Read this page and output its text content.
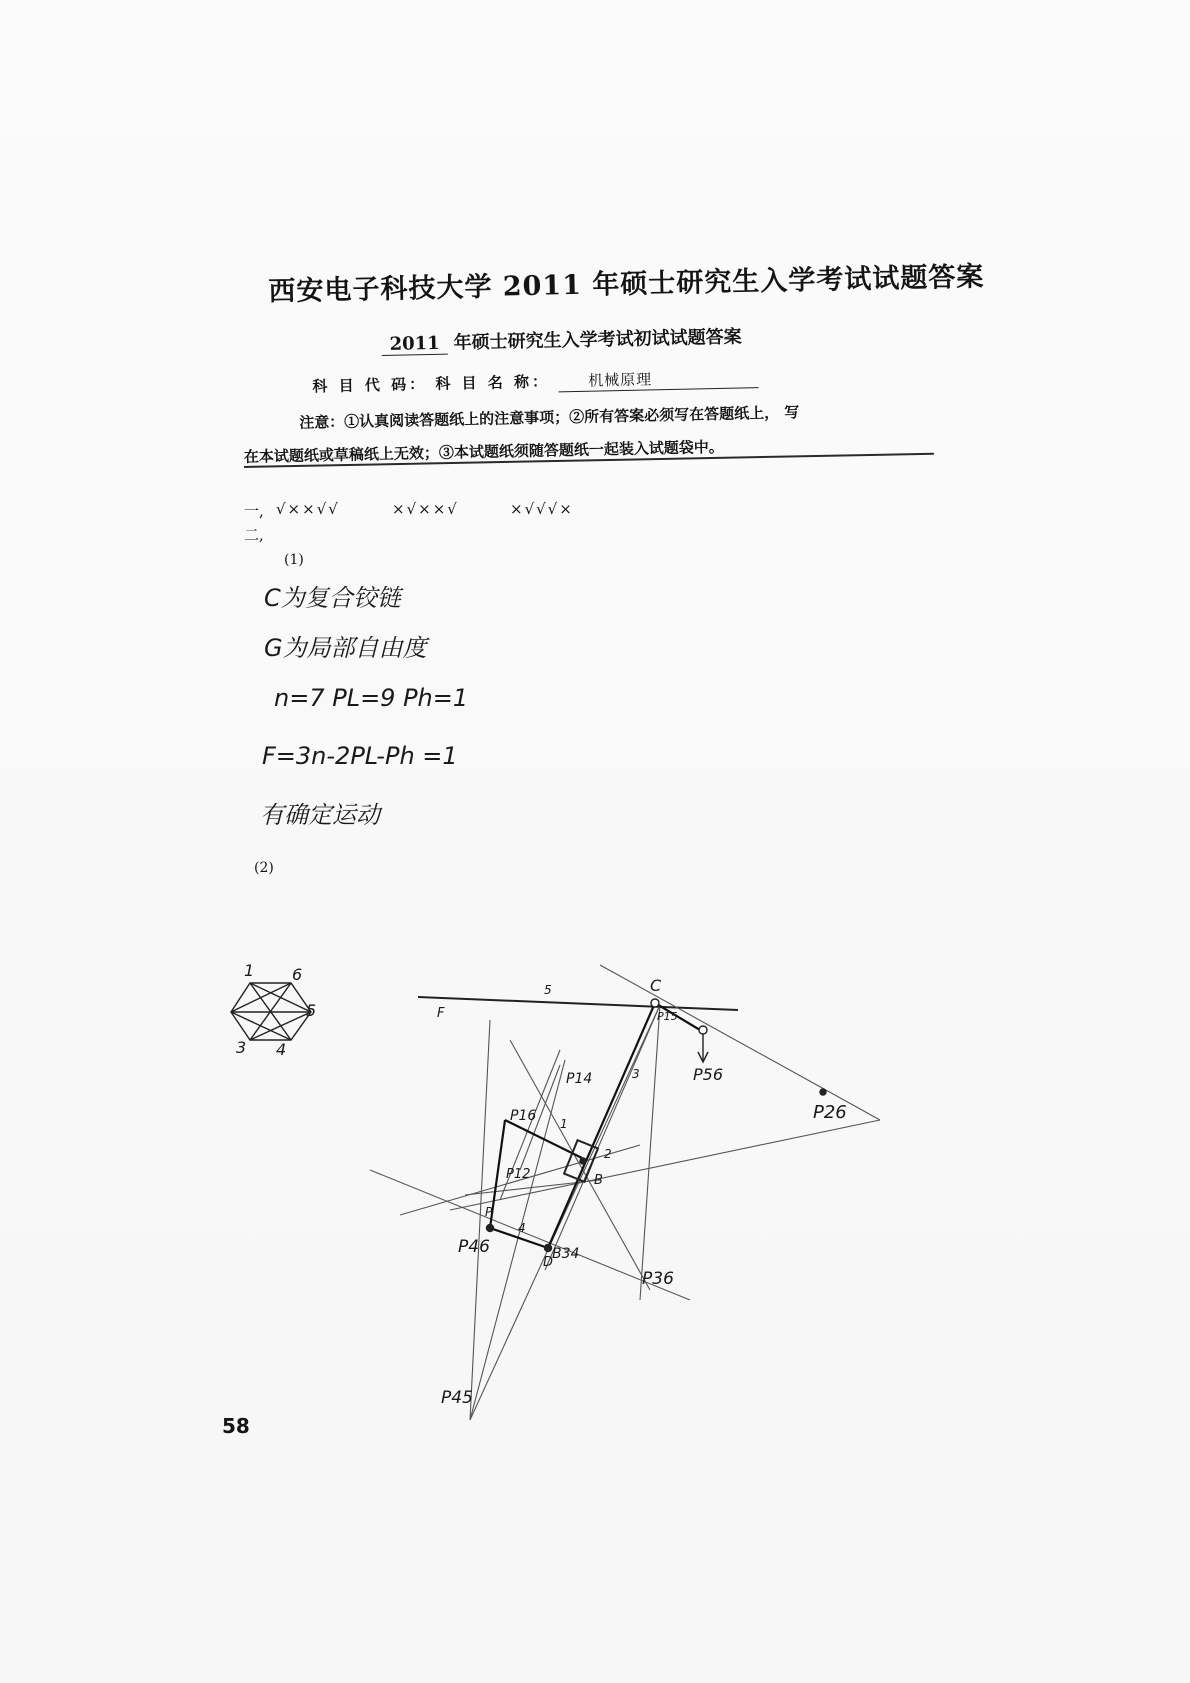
西安电子科技大学 2011 年硕士研究生入学考试试题答案
2011 年硕士研究生入学考试初试试题答案
科 目 代 码： 科 目 名 称：	机械原理
注意：①认真阅读答题纸上的注意事项；②所有答案必须写在答题纸上， 写
在本试题纸或草稿纸上无效；③本试题纸须随答题纸一起装入试题袋中。
一, √××√√	×√××√	×√√√×
二,
(1)
C为复合铰链
G为局部自由度
n=7 PL=9 Ph=1
F=3n-2PL-Ph =1
有确定运动
(2)
1 6
5
3 4
5
F
3
1
2
4
C
B
D
P
P15
P56
P14
P16
P12
P26
P46	B34
P36
P45
58
